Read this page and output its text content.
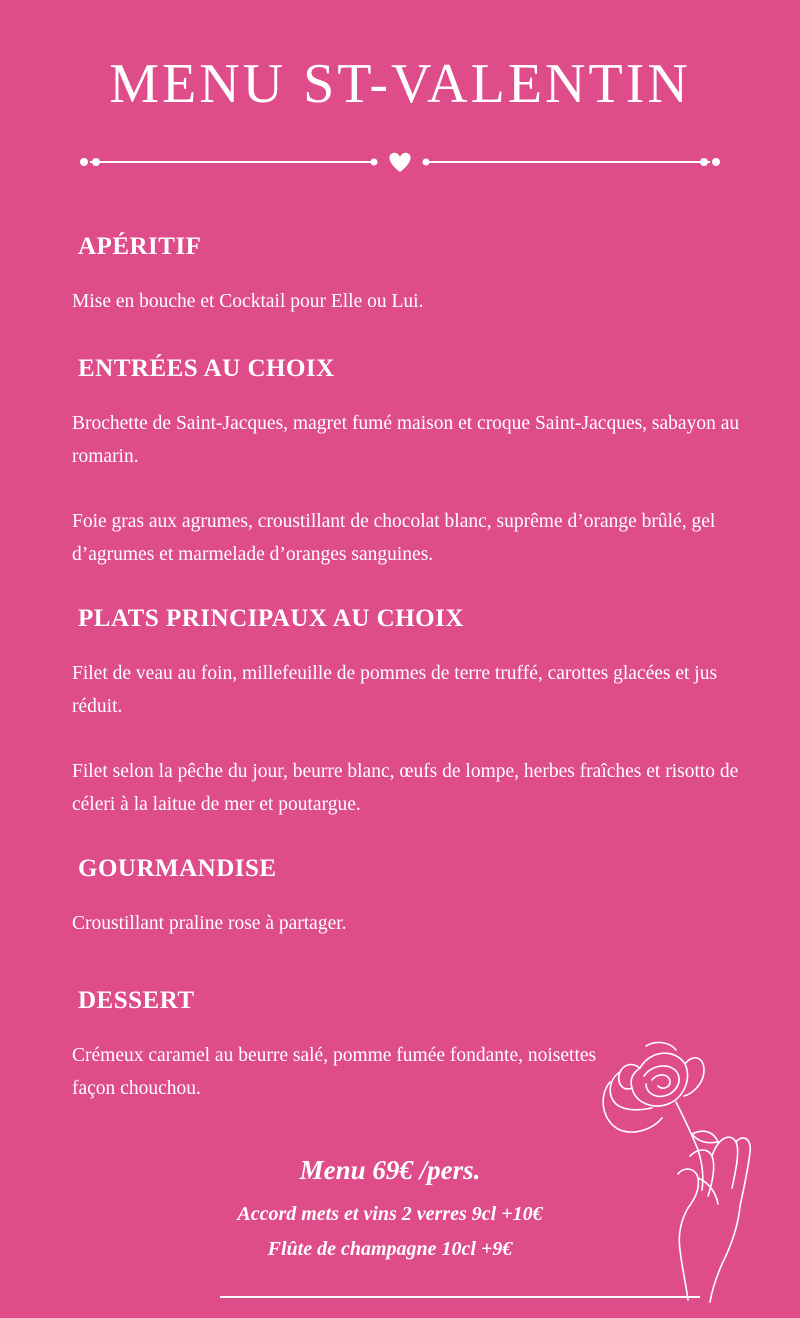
MENU ST-VALENTIN
APÉRITIF

Mise en bouche et Cocktail pour Elle ou Lui.

ENTRÉES AU CHOIX

Brochette de Saint-Jacques, magret fumé maison et croque Saint-Jacques, sabayon au romarin.

Foie gras aux agrumes, croustillant de chocolat blanc, suprême d’orange brûlé, gel d’agrumes et marmelade d’oranges sanguines.

PLATS PRINCIPAUX AU CHOIX

Filet de veau au foin, millefeuille de pommes de terre truffé, carottes glacées et jus réduit.

Filet selon la pêche du jour, beurre blanc, œufs de lompe, herbes fraîches et risotto de céleri à la laitue de mer et poutargue.

GOURMANDISE

Croustillant praline rose à partager.

DESSERT

Crémeux caramel au beurre salé, pomme fumée fondante, noisettes façon chouchou.

Menu 69€ /pers.

Accord mets et vins 2 verres 9cl +10€

Flûte de champagne 10cl +9€
